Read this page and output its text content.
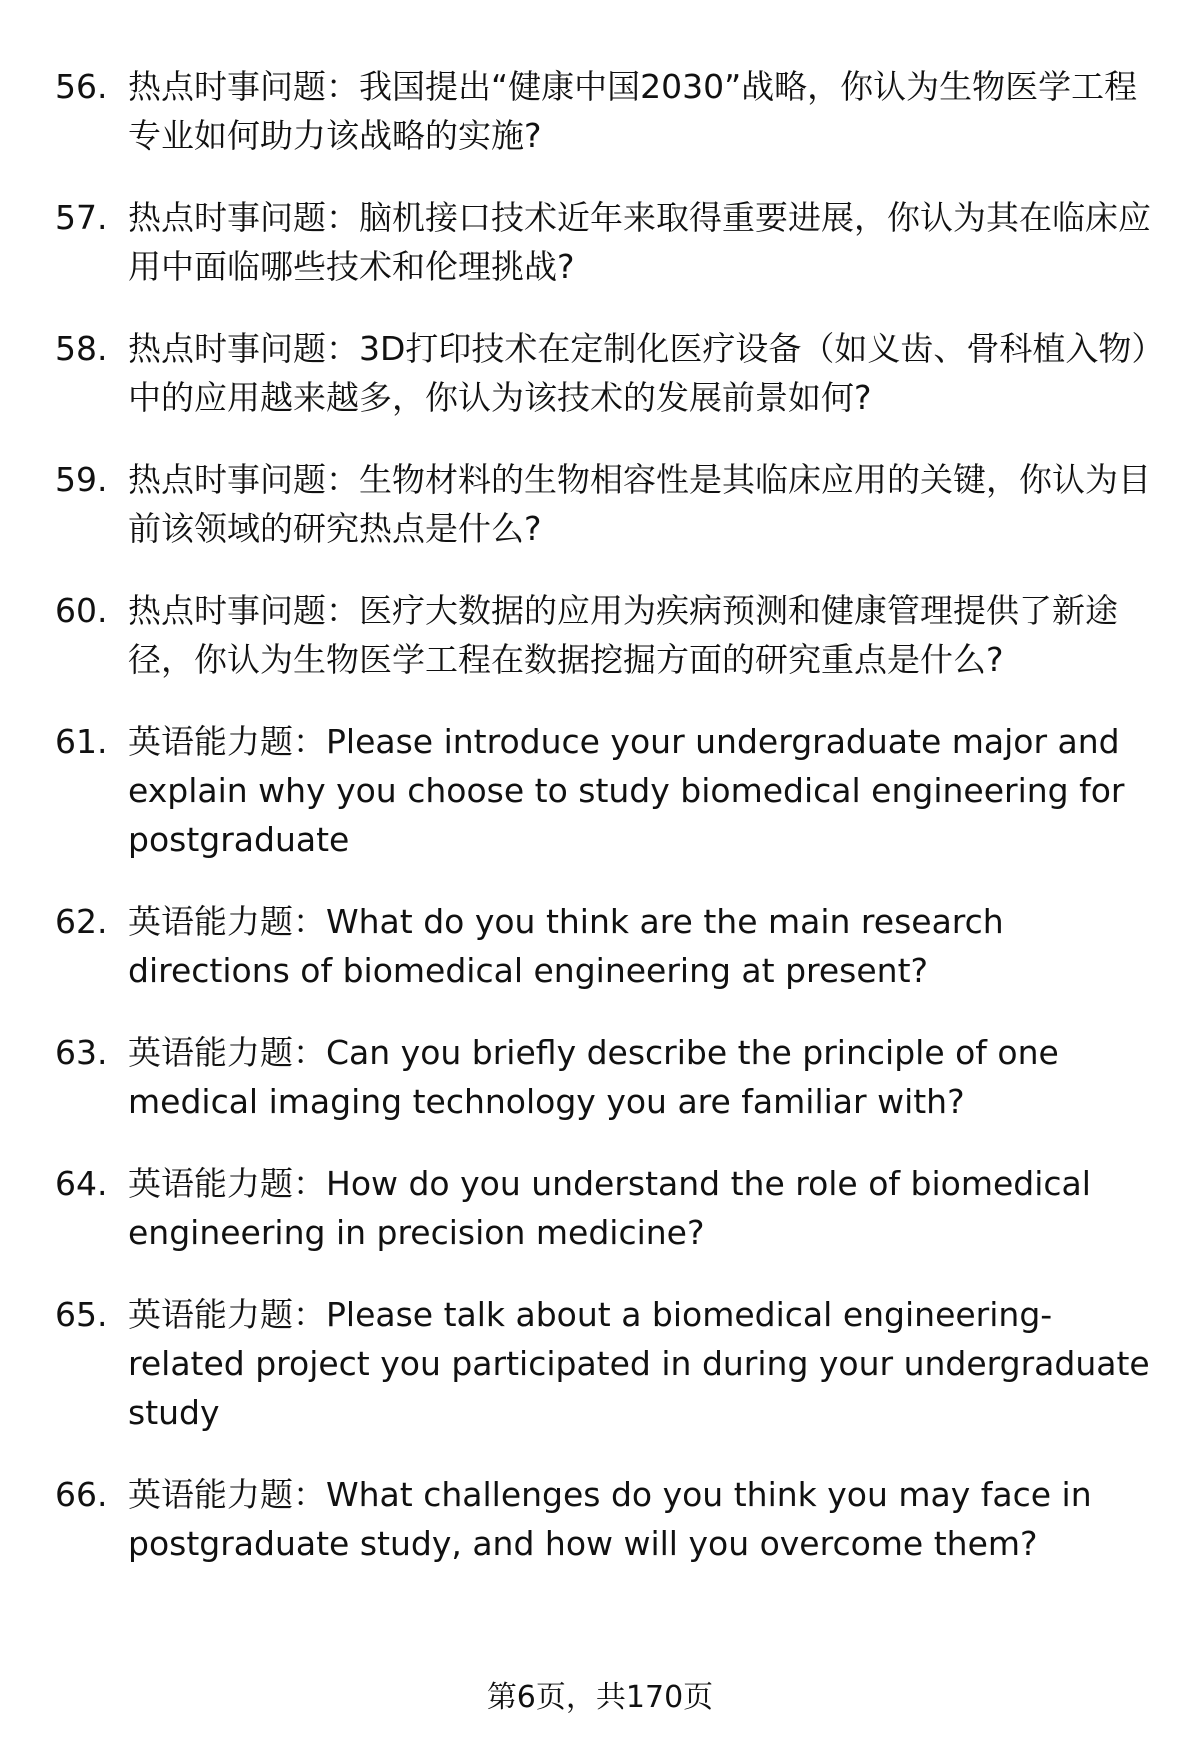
56. 热点时事问题：我国提出“健康中国2030”战略，你认为生物医学工程专业如何助力该战略的实施?
57. 热点时事问题：脑机接口技术近年来取得重要进展，你认为其在临床应用中面临哪些技术和伦理挑战?
58. 热点时事问题：3D打印技术在定制化医疗设备（如义齿、骨科植入物）中的应用越来越多，你认为该技术的发展前景如何?
59. 热点时事问题：生物材料的生物相容性是其临床应用的关键，你认为目前该领域的研究热点是什么?
60. 热点时事问题：医疗大数据的应用为疾病预测和健康管理提供了新途径，你认为生物医学工程在数据挖掘方面的研究重点是什么?
61. 英语能力题：Please introduce your undergraduate major and explain why you choose to study biomedical engineering for postgraduate
62. 英语能力题：What do you think are the main research directions of biomedical engineering at present?
63. 英语能力题：Can you briefly describe the principle of one medical imaging technology you are familiar with?
64. 英语能力题：How do you understand the role of biomedical engineering in precision medicine?
65. 英语能力题：Please talk about a biomedical engineering-related project you participated in during your undergraduate study
66. 英语能力题：What challenges do you think you may face in postgraduate study, and how will you overcome them?
第6页，共170页
